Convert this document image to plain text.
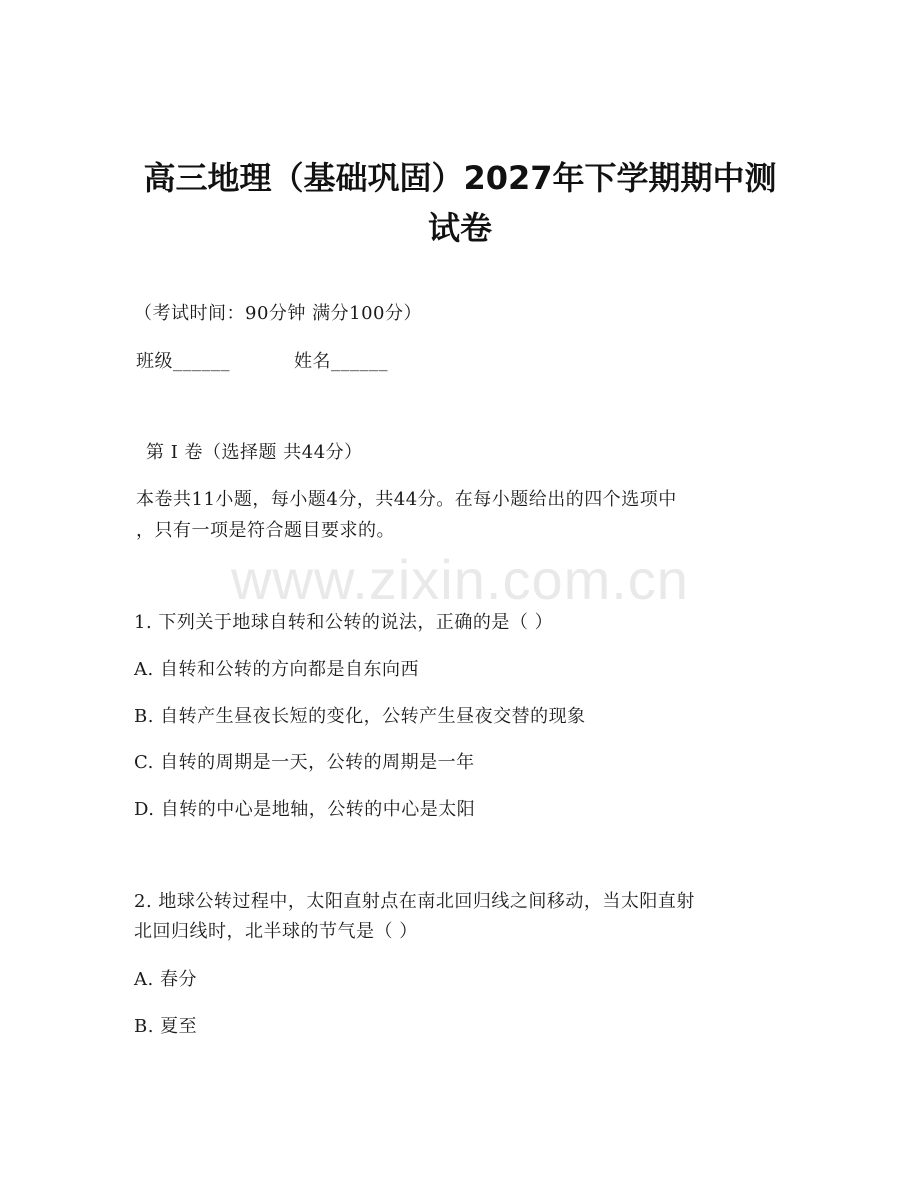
高三地理（基础巩固）2027年下学期期中测
试卷
（考试时间：90分钟 满分100分）
班级______	姓名______
第 I 卷（选择题 共44分）
本卷共11小题，每小题4分，共44分。在每小题给出的四个选项中
，只有一项是符合题目要求的。
www.zixin.com.cn
1. 下列关于地球自转和公转的说法，正确的是（ ）
A. 自转和公转的方向都是自东向西
B. 自转产生昼夜长短的变化，公转产生昼夜交替的现象
C. 自转的周期是一天，公转的周期是一年
D. 自转的中心是地轴，公转的中心是太阳
2. 地球公转过程中，太阳直射点在南北回归线之间移动，当太阳直射
北回归线时，北半球的节气是（ ）
A. 春分
B. 夏至
